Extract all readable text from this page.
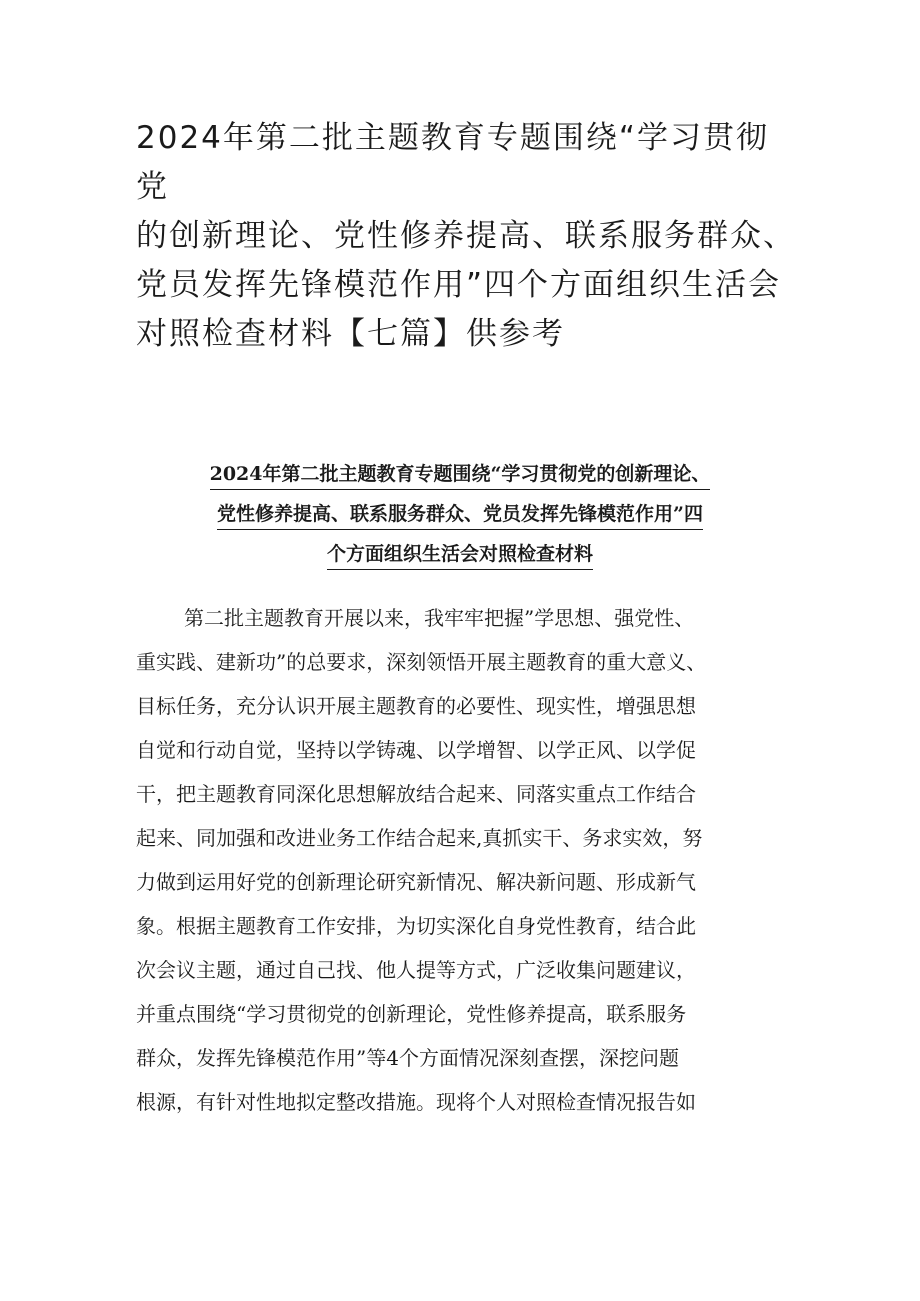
2024年第二批主题教育专题围绕“学习贯彻党
的创新理论、党性修养提高、联系服务群众、
党员发挥先锋模范作用”四个方面组织生活会
对照检查材料【七篇】供参考
2024年第二批主题教育专题围绕“学习贯彻党的创新理论、
党性修养提高、联系服务群众、党员发挥先锋模范作用”四
个方面组织生活会对照检查材料
第二批主题教育开展以来，我牢牢把握”学思想、强党性、
重实践、建新功”的总要求，深刻领悟开展主题教育的重大意义、
目标任务，充分认识开展主题教育的必要性、现实性，增强思想
自觉和行动自觉，坚持以学铸魂、以学增智、以学正风、以学促
干，把主题教育同深化思想解放结合起来、同落实重点工作结合
起来、同加强和改进业务工作结合起来,真抓实干、务求实效，努
力做到运用好党的创新理论研究新情况、解决新问题、形成新气
象。根据主题教育工作安排，为切实深化自身党性教育，结合此
次会议主题，通过自己找、他人提等方式，广泛收集问题建议，
并重点围绕“学习贯彻党的创新理论，党性修养提高，联系服务
群众，发挥先锋模范作用”等4个方面情况深刻查摆，深挖问题
根源，有针对性地拟定整改措施。现将个人对照检查情况报告如
